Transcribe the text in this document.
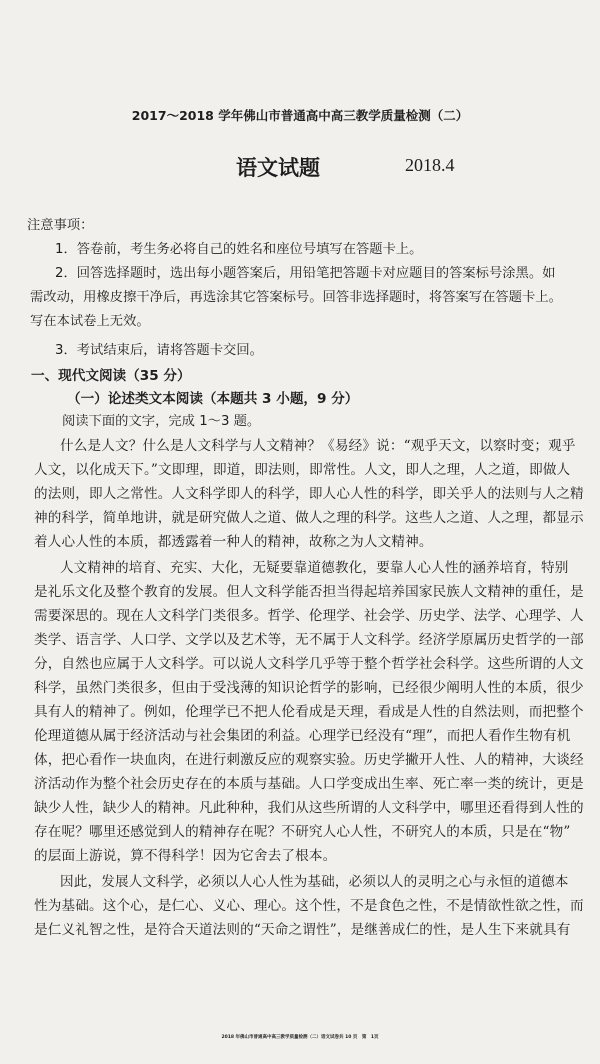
2017～2018 学年佛山市普通高中高三教学质量检测（二）
语文试题	2018.4
注意事项：
1．答卷前，考生务必将自己的姓名和座位号填写在答题卡上。
2．回答选择题时，选出每小题答案后，用铅笔把答题卡对应题目的答案标号涂黑。如
需改动，用橡皮擦干净后，再选涂其它答案标号。回答非选择题时，将答案写在答题卡上。
写在本试卷上无效。
3．考试结束后，请将答题卡交回。
一、现代文阅读（35 分）
（一）论述类文本阅读（本题共 3 小题，9 分）
阅读下面的文字，完成 1～3 题。
什么是人文？什么是人文科学与人文精神？《易经》说：“观乎天文，以察时变；观乎
人文，以化成天下。”文即理，即道，即法则，即常性。人文，即人之理，人之道，即做人
的法则，即人之常性。人文科学即人的科学，即人心人性的科学，即关乎人的法则与人之精
神的科学，简单地讲，就是研究做人之道、做人之理的科学。这些人之道、人之理，都显示
着人心人性的本质，都透露着一种人的精神，故称之为人文精神。
人文精神的培育、充实、大化，无疑要靠道德教化，要靠人心人性的涵养培育，特别
是礼乐文化及整个教育的发展。但人文科学能否担当得起培养国家民族人文精神的重任，是
需要深思的。现在人文科学门类很多。哲学、伦理学、社会学、历史学、法学、心理学、人
类学、语言学、人口学、文学以及艺术等，无不属于人文科学。经济学原属历史哲学的一部
分，自然也应属于人文科学。可以说人文科学几乎等于整个哲学社会科学。这些所谓的人文
科学，虽然门类很多，但由于受浅薄的知识论哲学的影响，已经很少阐明人性的本质，很少
具有人的精神了。例如，伦理学已不把人伦看成是天理，看成是人性的自然法则，而把整个
伦理道德从属于经济活动与社会集团的利益。心理学已经没有“理”，而把人看作生物有机
体，把心看作一块血肉，在进行刺激反应的观察实验。历史学撇开人性、人的精神，大谈经
济活动作为整个社会历史存在的本质与基础。人口学变成出生率、死亡率一类的统计，更是
缺少人性，缺少人的精神。凡此种种，我们从这些所谓的人文科学中，哪里还看得到人性的
存在呢？哪里还感觉到人的精神存在呢？不研究人心人性，不研究人的本质，只是在“物”
的层面上游说，算不得科学！因为它舍去了根本。
因此，发展人文科学，必须以人心人性为基础，必须以人的灵明之心与永恒的道德本
性为基础。这个心，是仁心、义心、理心。这个性，不是食色之性，不是情欲性欲之性，而
是仁义礼智之性，是符合天道法则的“天命之谓性”，是继善成仁的性，是人生下来就具有
2018 年佛山市普通高中高三教学质量检测（二）语文试卷共 10 页　第　1页
